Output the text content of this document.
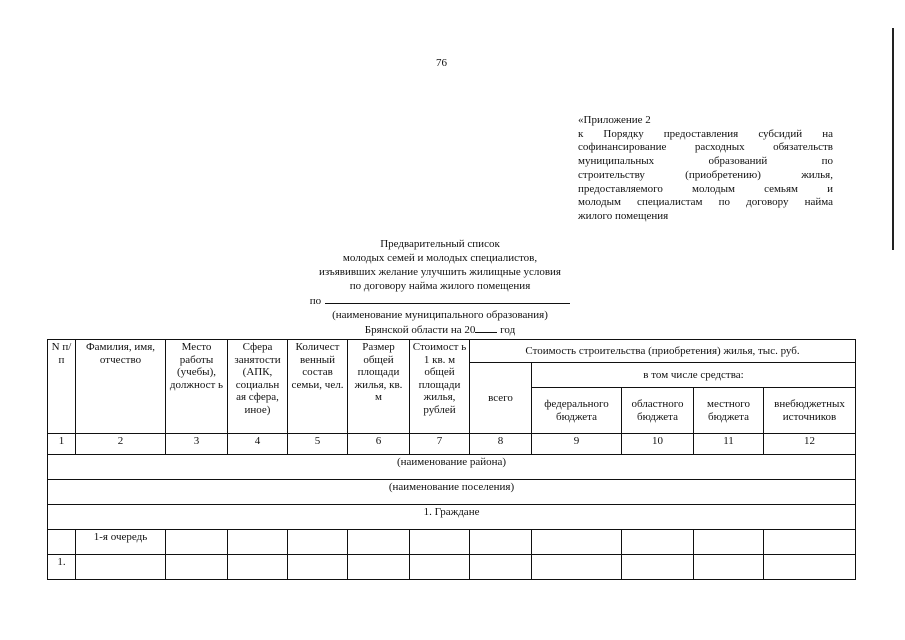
76
«Приложение 2
к Порядку предоставления субсидий на
софинансирование расходных обязательств
муниципальных образований по
строительству (приобретению) жилья,
предоставляемого молодым семьям и
молодым специалистам по договору найма
жилого помещения
Предварительный список
молодых семей и молодых специалистов,
изъявивших желание улучшить жилищные условия
по договору найма жилого помещения
по
(наименование муниципального образования)
Брянской области на 20 год
N п/п	Фамилия, имя, отчество	Место работы (учебы), должност ь	Сфера занятости (АПК, социальн ая сфера, иное)	Количест венный состав семьи, чел.	Размер общей площади жилья, кв. м	Стоимост ь 1 кв. м общей площади жилья, рублей	Стоимость строительства (приобретения) жилья, тыс. руб.				
							всего	в том числе средства:			
								федерального бюджета	областного бюджета	местного бюджета	внебюджетных источников
1	2	3	4	5	6	7	8	9	10	11	12
(наименование района)											
(наименование поселения)											
1. Граждане											
	1-я очередь										
1.											
